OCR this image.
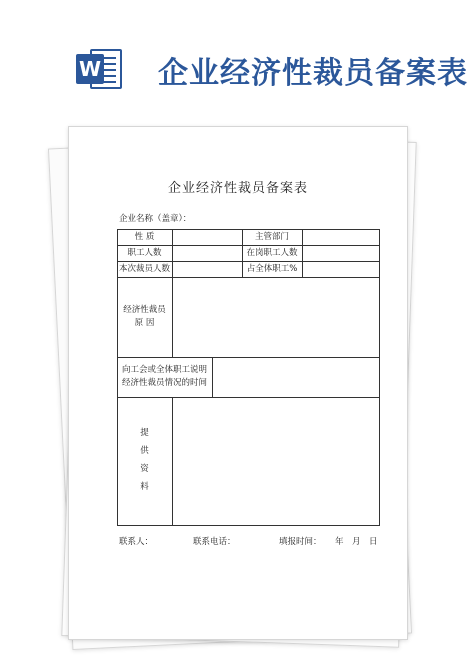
W 企业经济性裁员备案表
企业经济性裁员备案表
企业名称（盖章）：
性 质	主管部门
职工人数	在岗职工人数
本次裁员人数	占全体职工%
经济性裁员
原 因
向工会或全体职工说明
经济性裁员情况的时间
提
供
资
料
联系人：	联系电话：	填报时间： 年 月 日
